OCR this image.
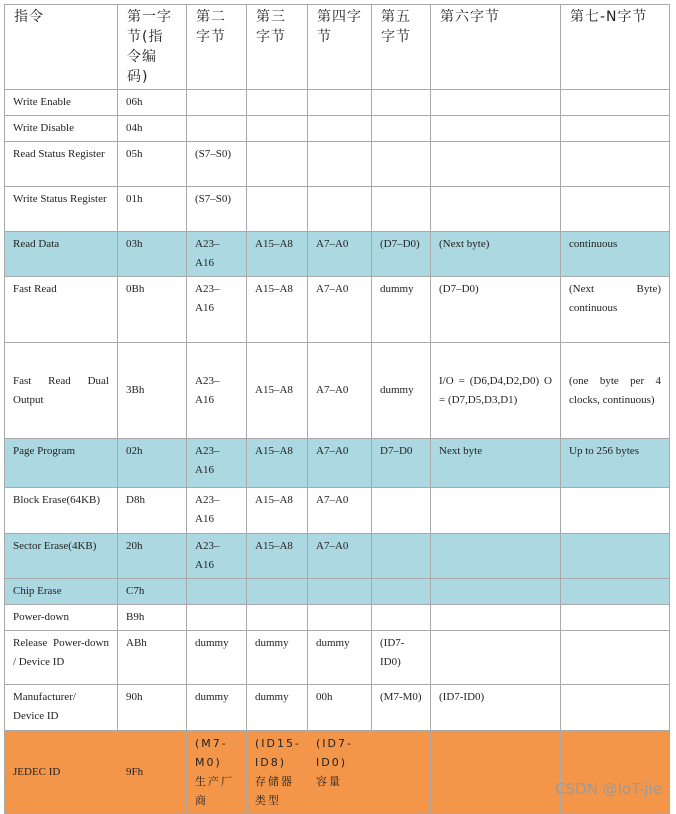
指令	第一字节(指令编码)	第二字节	第三字节	第四字节	第五字节	第六字节	第七-N字节
Write Enable	06h						
Write Disable	04h						
Read Status Register	05h	(S7–S0)					
Write Status Register	01h	(S7–S0)					
Read Data	03h	A23–A16	A15–A8	A7–A0	(D7–D0)	(Next byte)	continuous
Fast Read	0Bh	A23–A16	A15–A8	A7–A0	dummy	(D7–D0)	(Next Byte) continuous
Fast Read Dual Output	3Bh	A23–A16	A15–A8	A7–A0	dummy	I/O = (D6,D4,D2,D0) O = (D7,D5,D3,D1)	(one byte per 4 clocks, continuous)
Page Program	02h	A23–A16	A15–A8	A7–A0	D7–D0	Next byte	Up to 256 bytes
Block Erase(64KB)	D8h	A23–A16	A15–A8	A7–A0			
Sector Erase(4KB)	20h	A23–A16	A15–A8	A7–A0			
Chip Erase	C7h						
Power-down	B9h						
Release Power-down / Device ID	ABh	dummy	dummy	dummy	(ID7-ID0)		
Manufacturer/ Device ID	90h	dummy	dummy	00h	(M7-M0)	(ID7-ID0)	
JEDEC ID	9Fh	(M7-M0) 生产厂商	(ID15-ID8) 存储器类型	(ID7-ID0) 容量				CSDN @IoT-jie
